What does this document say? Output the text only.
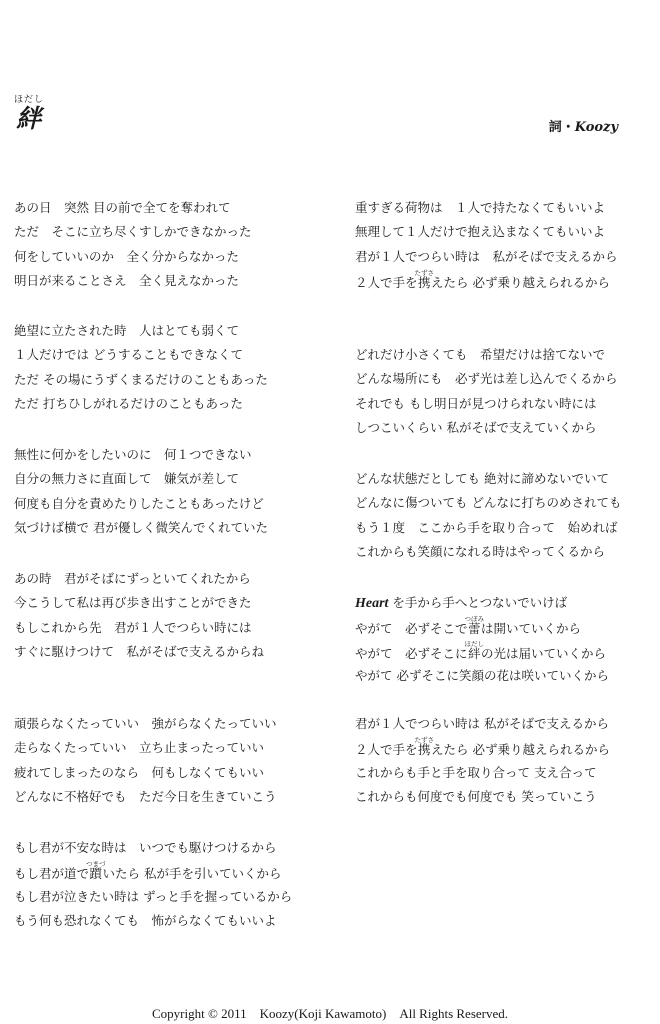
ほだし
絆	詞・Koozy
あの日　突然 目の前で全てを奪われて
ただ　そこに立ち尽くすしかできなかった
何をしていいのか　全く分からなかった
明日が来ることさえ　全く見えなかった
絶望に立たされた時　人はとても弱くて
１人だけでは どうすることもできなくて
ただ その場にうずくまるだけのこともあった
ただ 打ちひしがれるだけのこともあった
無性に何かをしたいのに　何１つできない
自分の無力さに直面して　嫌気が差して
何度も自分を責めたりしたこともあったけど
気づけば横で 君が優しく微笑んでくれていた
あの時　君がそばにずっといてくれたから
今こうして私は再び歩き出すことができた
もしこれから先　君が１人でつらい時には
すぐに駆けつけて　私がそばで支えるからね
頑張らなくたっていい　強がらなくたっていい
走らなくたっていい　立ち止まったっていい
疲れてしまったのなら　何もしなくてもいい
どんなに不格好でも　ただ今日を生きていこう
もし君が不安な時は　いつでも駆けつけるから
もし君が道で躓つまづいたら 私が手を引いていくから
もし君が泣きたい時は ずっと手を握っているから
もう何も恐れなくても　怖がらなくてもいいよ
重すぎる荷物は　１人で持たなくてもいいよ
無理して１人だけで抱え込まなくてもいいよ
君が１人でつらい時は　私がそばで支えるから
２人で手を携たずさえたら 必ず乗り越えられるから
どれだけ小さくても　希望だけは捨てないで
どんな場所にも　必ず光は差し込んでくるから
それでも もし明日が見つけられない時には
しつこいくらい 私がそばで支えていくから
どんな状態だとしても 絶対に諦めないでいて
どんなに傷ついても どんなに打ちのめされても
もう１度　ここから手を取り合って　始めれば
これからも笑顔になれる時はやってくるから
Heart を手から手へとつないでいけば
やがて　必ずそこで蕾つぼみは開いていくから
やがて　必ずそこに絆ほだしの光は届いていくから
やがて 必ずそこに笑顔の花は咲いていくから
君が１人でつらい時は 私がそばで支えるから
２人で手を携たずさえたら 必ず乗り越えられるから
これからも手と手を取り合って 支え合って
これからも何度でも何度でも 笑っていこう
Copyright © 2011　Koozy(Koji Kawamoto)　All Rights Reserved.
